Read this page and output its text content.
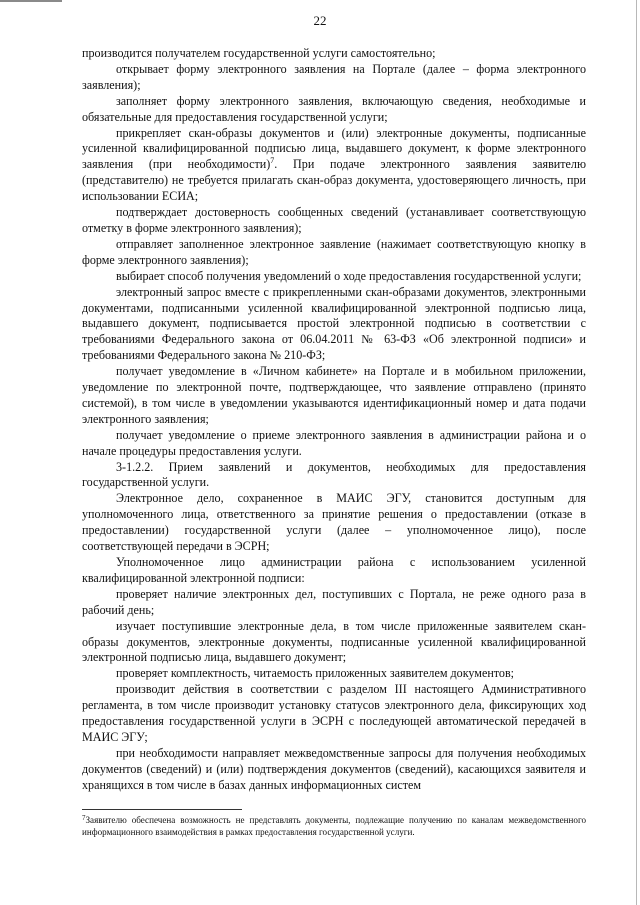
22

производится получателем государственной услуги самостоятельно;

открывает форму электронного заявления на Портале (далее – форма электронного заявления);

заполняет форму электронного заявления, включающую сведения, необходимые и обязательные для предоставления государственной услуги;

прикрепляет скан-образы документов и (или) электронные документы, подписанные усиленной квалифицированной подписью лица, выдавшего документ, к форме электронного заявления (при необходимости)$^7$. При подаче электронного заявления заявителю (представителю) не требуется прилагать скан-образ документа, удостоверяющего личность, при использовании ЕСИА;

подтверждает достоверность сообщенных сведений (устанавливает соответствующую отметку в форме электронного заявления);

отправляет заполненное электронное заявление (нажимает соответствующую кнопку в форме электронного заявления);

выбирает способ получения уведомлений о ходе предоставления государственной услуги;

электронный запрос вместе с прикрепленными скан-образами документов, электронными документами, подписанными усиленной квалифицированной электронной подписью лица, выдавшего документ, подписывается простой электронной подписью в соответствии с требованиями Федерального закона от 06.04.2011 № 63-ФЗ «Об электронной подписи» и требованиями Федерального закона № 210-ФЗ;

получает уведомление в «Личном кабинете» на Портале и в мобильном приложении, уведомление по электронной почте, подтверждающее, что заявление отправлено (принято системой), в том числе в уведомлении указываются идентификационный номер и дата подачи электронного заявления;

получает уведомление о приеме электронного заявления в администрации района и о начале процедуры предоставления услуги.

3-1.2.2. Прием заявлений и документов, необходимых для предоставления государственной услуги.

Электронное дело, сохраненное в МАИС ЭГУ, становится доступным для уполномоченного лица, ответственного за принятие решения о предоставлении (отказе в предоставлении) государственной услуги (далее – уполномоченное лицо), после соответствующей передачи в ЭСРН;

Уполномоченное лицо администрации района с использованием усиленной квалифицированной электронной подписи:

проверяет наличие электронных дел, поступивших с Портала, не реже одного раза в рабочий день;

изучает поступившие электронные дела, в том числе приложенные заявителем скан-образы документов, электронные документы, подписанные усиленной квалифицированной электронной подписью лица, выдавшего документ;

проверяет комплектность, читаемость приложенных заявителем документов;

производит действия в соответствии с разделом III настоящего Административного регламента, в том числе производит установку статусов электронного дела, фиксирующих ход предоставления государственной услуги в ЭСРН с последующей автоматической передачей в МАИС ЭГУ;

при необходимости направляет межведомственные запросы для получения необходимых документов (сведений) и (или) подтверждения документов (сведений), касающихся заявителя и хранящихся в том числе в базах данных информационных систем

$^7$Заявителю обеспечена возможность не представлять документы, подлежащие получению по каналам межведомственного информационного взаимодействия в рамках предоставления государственной услуги.
